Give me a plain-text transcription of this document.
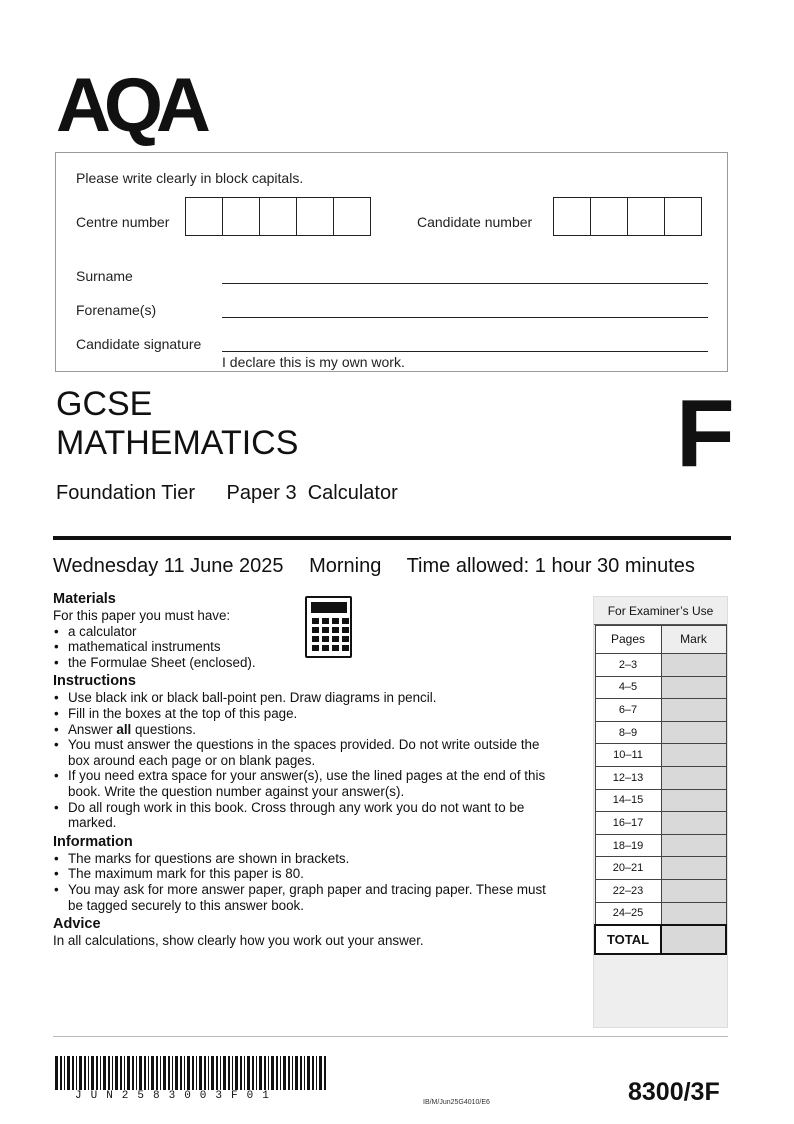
AQA
Please write clearly in block capitals.
Centre number	Candidate number
Surname
Forename(s)
Candidate signature
I declare this is my own work.
GCSE
MATHEMATICS	F
Foundation Tier Paper 3  Calculator
Wednesday 11 June 2025 Morning Time allowed: 1 hour 30 minutes
Materials

For this paper you must have:

• a calculator
• mathematical instruments
• the Formulae Sheet (enclosed).
Instructions
• Use black ink or black ball-point pen. Draw diagrams in pencil.
• Fill in the boxes at the top of this page.
• Answer all questions.
• You must answer the questions in the spaces provided. Do not write outside the box around each page or on blank pages.
• If you need extra space for your answer(s), use the lined pages at the end of this book. Write the question number against your answer(s).
• Do all rough work in this book. Cross through any work you do not want to be marked.
Information
• The marks for questions are shown in brackets.
• The maximum mark for this paper is 80.
• You may ask for more answer paper, graph paper and tracing paper. These must be tagged securely to this answer book.
Advice

In all calculations, show clearly how you work out your answer.

For Examiner’s Use
Pages	Mark
2–3	
4–5	
6–7	
8–9	
10–11	
12–13	
14–15	
16–17	
18–19	
20–21	
22–23	
24–25	
TOTAL	
JUN2583003F01
IB/M/Jun25G4010/E6	8300/3F
